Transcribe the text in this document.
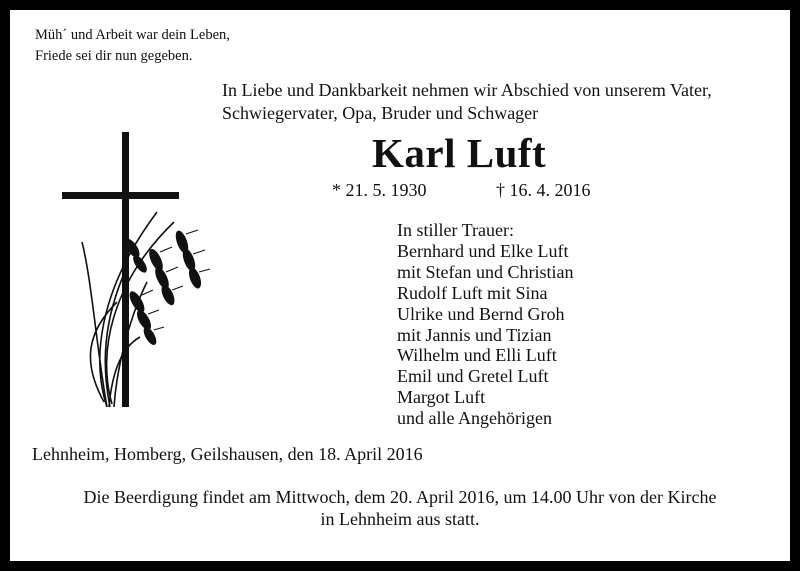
Müh´ und Arbeit war dein Leben,
Friede sei dir nun gegeben.
In Liebe und Dankbarkeit nehmen wir Abschied von unserem Vater,
Schwiegervater, Opa, Bruder und Schwager
Karl Luft
* 21. 5. 1930	† 16. 4. 2016
In stiller Trauer:
Bernhard und Elke Luft
mit Stefan und Christian
Rudolf Luft mit Sina
Ulrike und Bernd Groh
mit Jannis und Tizian
Wilhelm und Elli Luft
Emil und Gretel Luft
Margot Luft
und alle Angehörigen
Lehnheim, Homberg, Geilshausen, den 18. April 2016
Die Beerdigung findet am Mittwoch, dem 20. April 2016, um 14.00 Uhr von der Kirche
in Lehnheim aus statt.
